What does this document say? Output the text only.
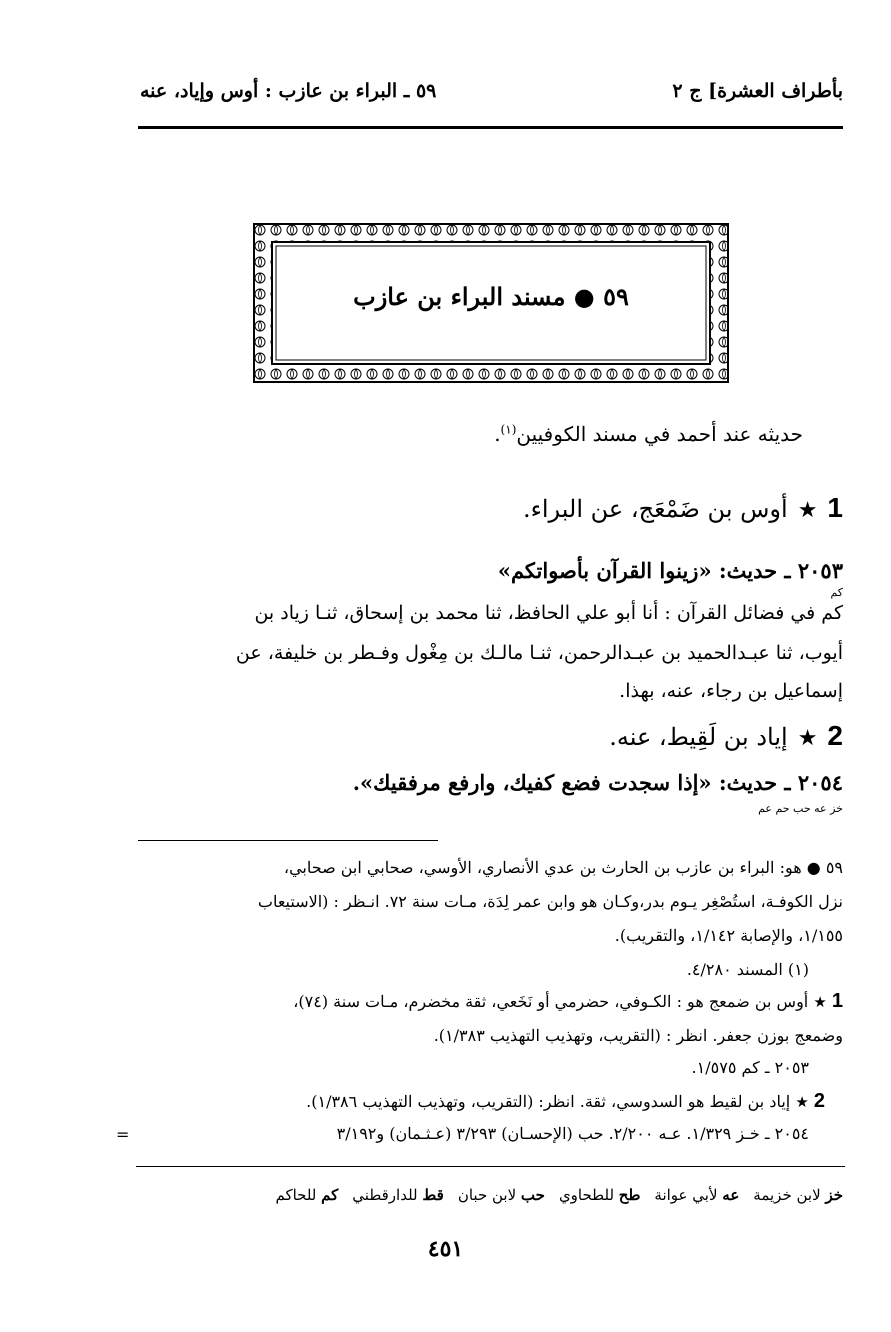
بأطراف العشرة] ج ٢
٥٩ ـ البراء بن عازب : أوس وإياد، عنه
٥٩ ● مسند البراء بن عازب
حديثه عند أحمد في مسند الكوفيين$^{(١)}$.
1★أوس بن ضَمْعَج، عن البراء.
٢٠٥٣ ـ حديث: «زينوا القرآن بأصواتكم»
كم
كم في فضائل القرآن : أنا أبو علي الحافظ، ثنا محمد بن إسحاق، ثنـا زياد بن
أيوب، ثنا عبـدالحميد بن عبـدالرحمن، ثنـا مالـك بن مِغْول وفـطر بن خليفة، عن
إسماعيل بن رجاء، عنه، بهذا.
2★إياد بن لَقِيط، عنه.
٢٠٥٤ ـ حديث: «إذا سجدت فضع كفيك، وارفع مرفقيك».
خز عه حب حم عم
٥٩ ● هو: البراء بن عازب بن الحارث بن عدي الأنصاري، الأوسي، صحابي ابن صحابي،
نزل الكوفـة، استُصْغِر يـوم بدر،وكـان هو وابن عمر لِدَة، مـات سنة ٧٢. انـظر : (الاستيعاب
١/١٥٥، والإصابة ١/١٤٢، والتقريب).
(١) المسند ٤/٢٨٠.
1 ★ أوس بن ضمعج هو : الكـوفي، حضرمي أو نَخَعي، ثقة مخضرم، مـات سنة (٧٤)،
وضمعج بوزن جعفر. انظر : (التقريب، وتهذيب التهذيب ١/٣٨٣).
٢٠٥٣ ـ كم ١/٥٧٥.
2 ★ إياد بن لقيط هو السدوسي، ثقة. انظر: (التقريب، وتهذيب التهذيب ١/٣٨٦).
٢٠٥٤ ـ خـز ١/٣٢٩. عـه ٢/٢٠٠. حب (الإحسـان) ٣/٢٩٣ (عـثـمان) و٣/١٩٢
=
خز لابن خزيمة
عه لأبي عوانة
طح للطحاوي
حب لابن حبان
قط للدارقطني
كم للحاكم
٤٥١
